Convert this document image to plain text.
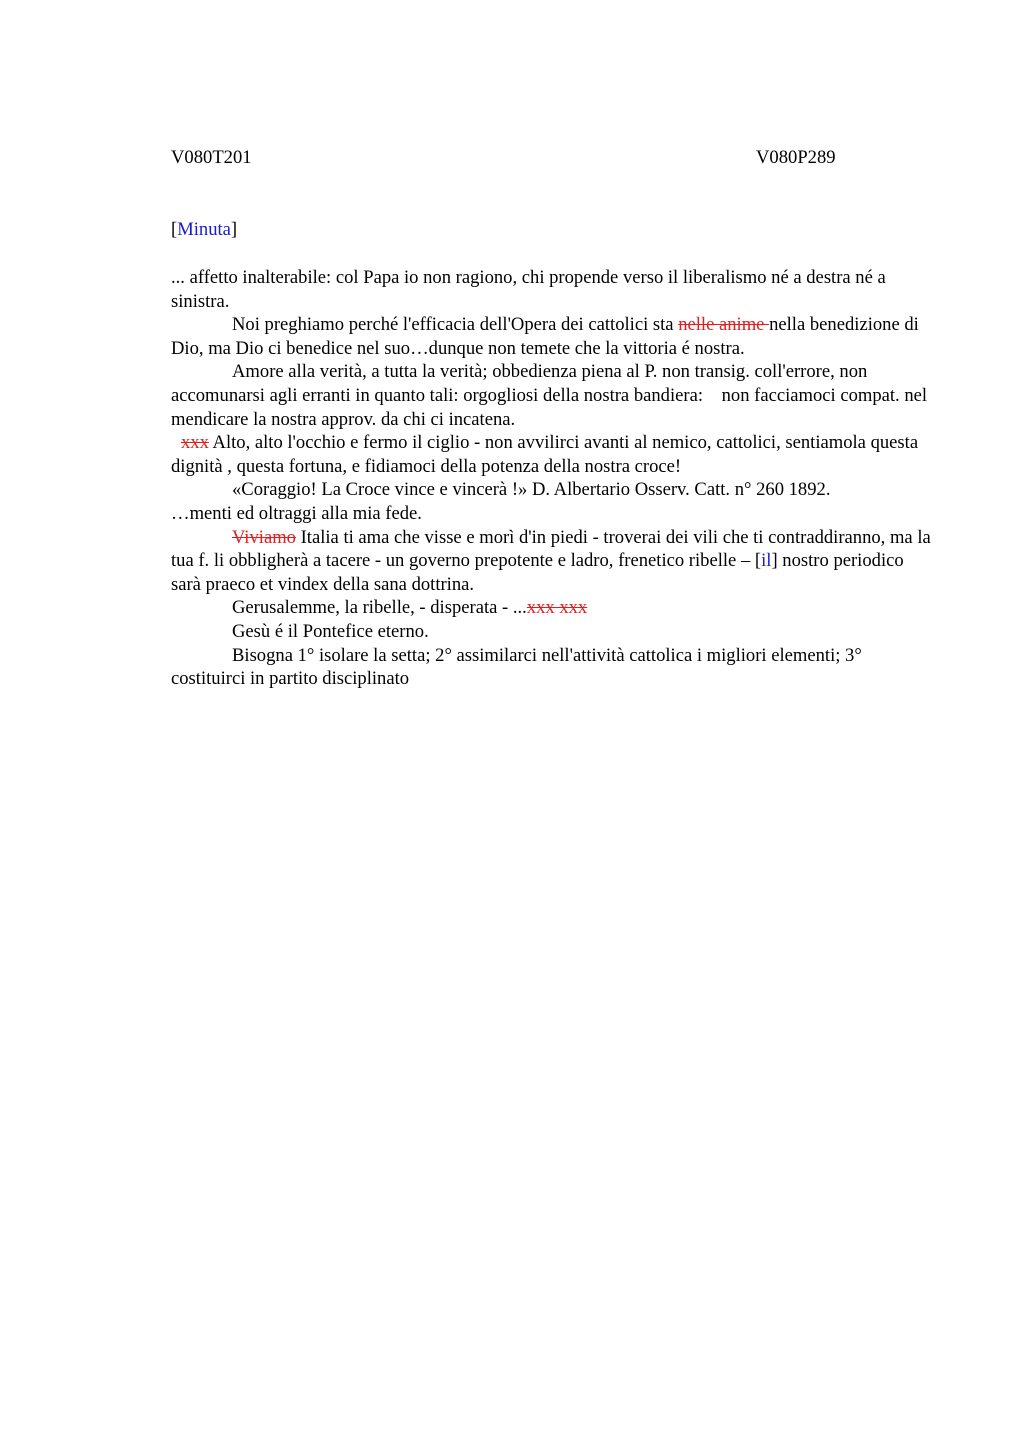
V080T201	V080P289
[Minuta]

... affetto inalterabile: col Papa io non ragiono, chi propende verso il liberalismo né a destra né a sinistra.

Noi preghiamo perché l'efficacia dell'Opera dei cattolici sta nelle anime nella benedizione di Dio, ma Dio ci benedice nel suo…dunque non temete che la vittoria é nostra.

Amore alla verità, a tutta la verità; obbedienza piena al P. non transig. coll'errore, non accomunarsi agli erranti in quanto tali: orgogliosi della nostra bandiera:    non facciamoci compat. nel mendicare la nostra approv. da chi ci incatena.

xxx Alto, alto l'occhio e fermo il ciglio - non avvilirci avanti al nemico, cattolici, sentiamola questa dignità , questa fortuna, e fidiamoci della potenza della nostra croce!

«Coraggio! La Croce vince e vincerà !» D. Albertario Osserv. Catt. n° 260 1892.

…menti ed oltraggi alla mia fede.

Viviamo Italia ti ama che visse e morì d'in piedi - troverai dei vili che ti contraddiranno, ma la tua f. li obbligherà a tacere - un governo prepotente e ladro, frenetico ribelle – [il] nostro periodico sarà praeco et vindex della sana dottrina.

Gerusalemme, la ribelle, - disperata - ...xxx xxx

Gesù é il Pontefice eterno.

Bisogna 1° isolare la setta; 2° assimilarci nell'attività cattolica i migliori elementi; 3° costituirci in partito disciplinato
